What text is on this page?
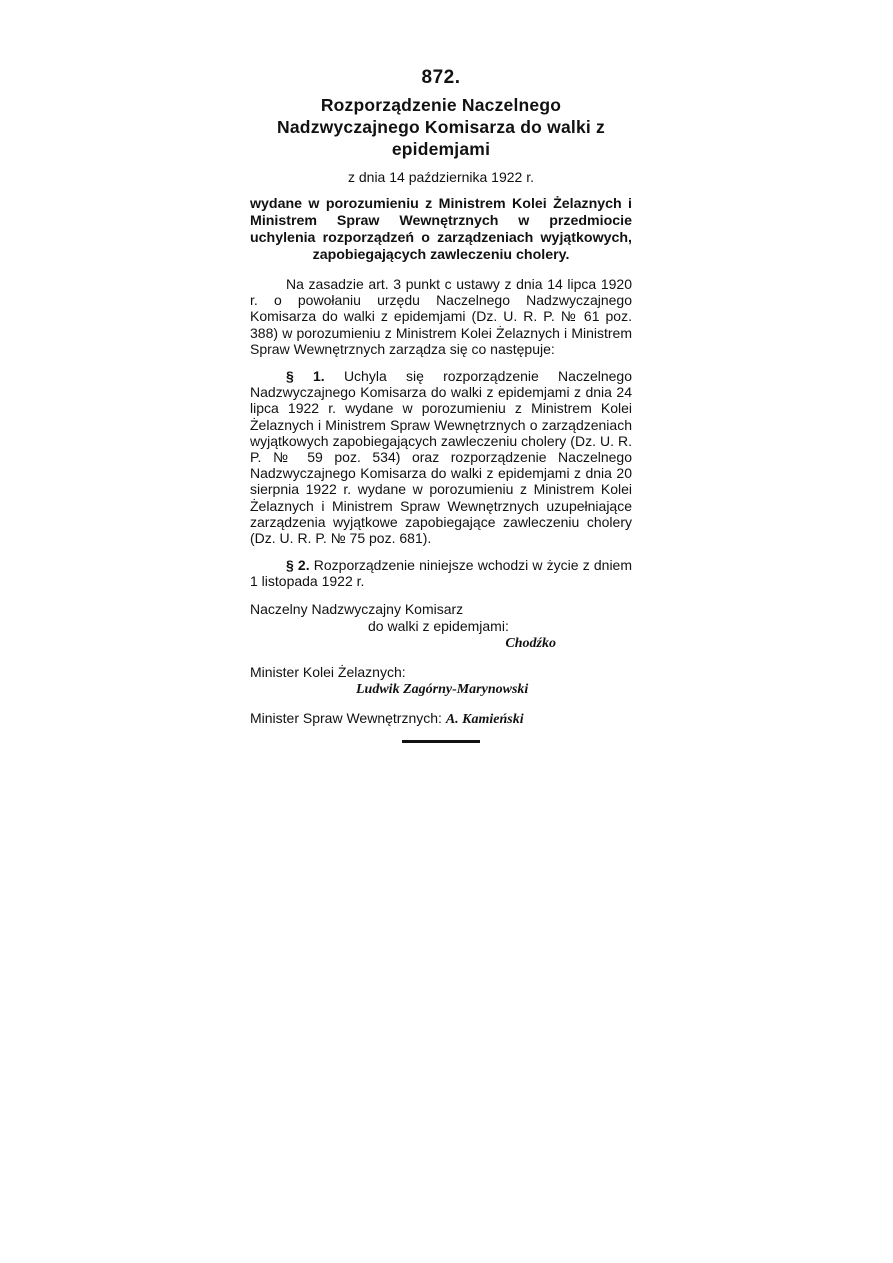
872.
Rozporządzenie Naczelnego Nadzwyczajnego Komisarza do walki z epidemjami
z dnia 14 października 1922 r.
wydane w porozumieniu z Ministrem Kolei Żelaznych i Ministrem Spraw Wewnętrznych w przedmiocie uchylenia rozporządzeń o zarządzeniach wyjątkowych, zapobiegających zawleczeniu cholery.

Na zasadzie art. 3 punkt c ustawy z dnia 14 lipca 1920 r. o powołaniu urzędu Naczelnego Nadzwyczajnego Komisarza do walki z epidemjami (Dz. U. R. P. № 61 poz. 388) w porozumieniu z Ministrem Kolei Żelaznych i Ministrem Spraw Wewnętrznych zarządza się co następuje:

§ 1. Uchyla się rozporządzenie Naczelnego Nadzwyczajnego Komisarza do walki z epidemjami z dnia 24 lipca 1922 r. wydane w porozumieniu z Ministrem Kolei Żelaznych i Ministrem Spraw Wewnętrznych o zarządzeniach wyjątkowych zapobiegających zawleczeniu cholery (Dz. U. R. P. № 59 poz. 534) oraz rozporządzenie Naczelnego Nadzwyczajnego Komisarza do walki z epidemjami z dnia 20 sierpnia 1922 r. wydane w porozumieniu z Ministrem Kolei Żelaznych i Ministrem Spraw Wewnętrznych uzupełniające zarządzenia wyjątkowe zapobiegające zawleczeniu cholery (Dz. U. R. P. № 75 poz. 681).

§ 2. Rozporządzenie niniejsze wchodzi w życie z dniem 1 listopada 1922 r.

Naczelny Nadzwyczajny Komisarz
do walki z epidemjami:
Chodźko
Minister Kolei Żelaznych:
Ludwik Zagórny-Marynowski
Minister Spraw Wewnętrznych: A. Kamieński
